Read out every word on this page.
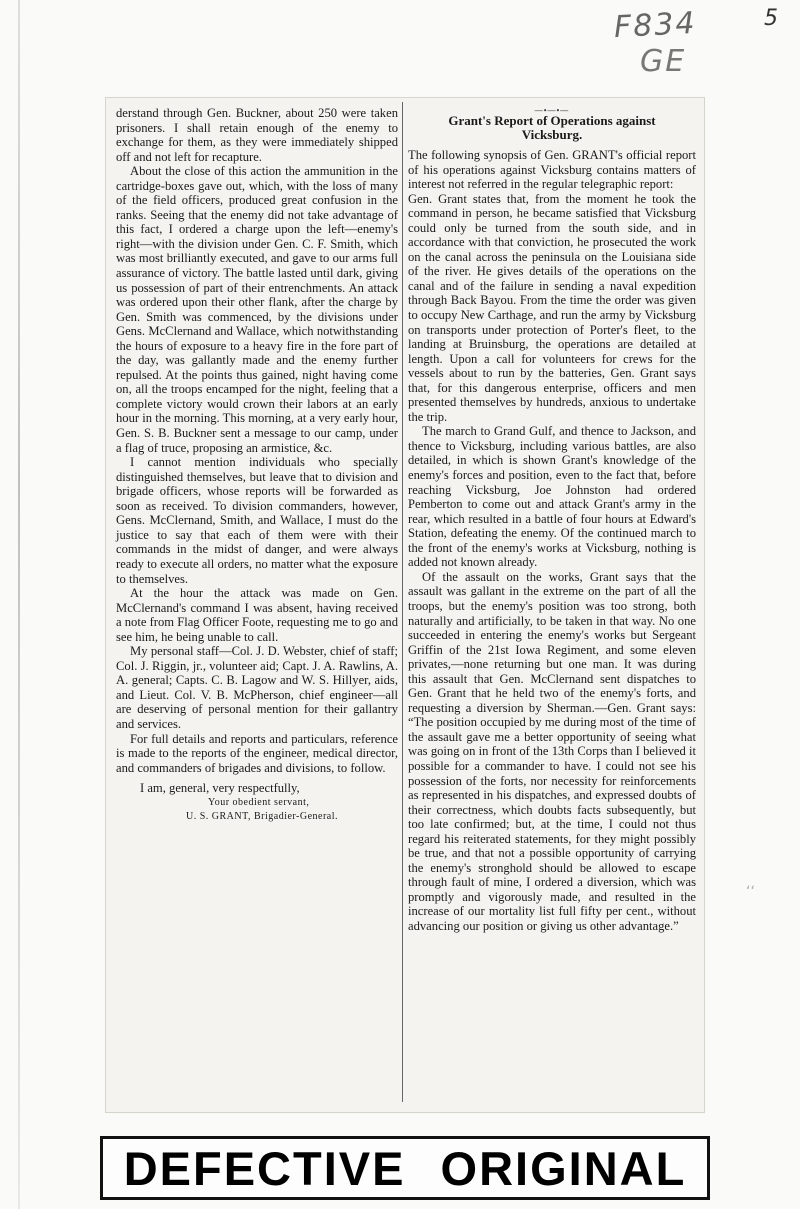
F834
GE
5
‘‘

derstand through Gen. Buckner, about 250 were taken prisoners. I shall retain enough of the enemy to exchange for them, as they were immediately shipped off and not left for recapture.

About the close of this action the ammunition in the cartridge-boxes gave out, which, with the loss of many of the field officers, produced great confusion in the ranks. Seeing that the enemy did not take advantage of this fact, I ordered a charge upon the left—enemy's right—with the division under Gen. C. F. Smith, which was most brilliantly executed, and gave to our arms full assurance of victory. The battle lasted until dark, giving us possession of part of their entrenchments. An attack was ordered upon their other flank, after the charge by Gen. Smith was commenced, by the divisions under Gens. McClernand and Wallace, which notwithstanding the hours of exposure to a heavy fire in the fore part of the day, was gallantly made and the enemy further repulsed. At the points thus gained, night having come on, all the troops encamped for the night, feeling that a complete victory would crown their labors at an early hour in the morning. This morning, at a very early hour, Gen. S. B. Buckner sent a message to our camp, under a flag of truce, proposing an armistice, &c.

I cannot mention individuals who specially distinguished themselves, but leave that to division and brigade officers, whose reports will be forwarded as soon as received. To division commanders, however, Gens. McClernand, Smith, and Wallace, I must do the justice to say that each of them were with their commands in the midst of danger, and were always ready to execute all orders, no matter what the exposure to themselves.

At the hour the attack was made on Gen. McClernand's command I was absent, having received a note from Flag Officer Foote, requesting me to go and see him, he being unable to call.

My personal staff—Col. J. D. Webster, chief of staff; Col. J. Riggin, jr., volunteer aid; Capt. J. A. Rawlins, A. A. general; Capts. C. B. Lagow and W. S. Hillyer, aids, and Lieut. Col. V. B. McPherson, chief engineer—all are deserving of personal mention for their gallantry and services.

For full details and reports and particulars, reference is made to the reports of the engineer, medical director, and commanders of brigades and divisions, to follow.

I am, general, very respectfully,

Your obedient servant,

U. S. GRANT, Brigadier-General.

—•—•—
Grant's Report of Operations against
Vicksburg.

The following synopsis of Gen. GRANT's official report of his operations against Vicksburg contains matters of interest not referred in the regular telegraphic report:

Gen. Grant states that, from the moment he took the command in person, he became satisfied that Vicksburg could only be turned from the south side, and in accordance with that conviction, he prosecuted the work on the canal across the peninsula on the Louisiana side of the river. He gives details of the operations on the canal and of the failure in sending a naval expedition through Back Bayou. From the time the order was given to occupy New Carthage, and run the army by Vicksburg on transports under protection of Porter's fleet, to the landing at Bruinsburg, the operations are detailed at length. Upon a call for volunteers for crews for the vessels about to run by the batteries, Gen. Grant says that, for this dangerous enterprise, officers and men presented themselves by hundreds, anxious to undertake the trip.

The march to Grand Gulf, and thence to Jackson, and thence to Vicksburg, including various battles, are also detailed, in which is shown Grant's knowledge of the enemy's forces and position, even to the fact that, before reaching Vicksburg, Joe Johnston had ordered Pemberton to come out and attack Grant's army in the rear, which resulted in a battle of four hours at Edward's Station, defeating the enemy. Of the continued march to the front of the enemy's works at Vicksburg, nothing is added not known already.

Of the assault on the works, Grant says that the assault was gallant in the extreme on the part of all the troops, but the enemy's position was too strong, both naturally and artificially, to be taken in that way. No one succeeded in entering the enemy's works but Sergeant Griffin of the 21st Iowa Regiment, and some eleven privates,—none returning but one man. It was during this assault that Gen. McClernand sent dispatches to Gen. Grant that he held two of the enemy's forts, and requesting a diversion by Sherman.—Gen. Grant says: “The position occupied by me during most of the time of the assault gave me a better opportunity of seeing what was going on in front of the 13th Corps than I believed it possible for a commander to have. I could not see his possession of the forts, nor necessity for reinforcements as represented in his dispatches, and expressed doubts of their correctness, which doubts facts subsequently, but too late confirmed; but, at the time, I could not thus regard his reiterated statements, for they might possibly be true, and that not a possible opportunity of carrying the enemy's stronghold should be allowed to escape through fault of mine, I ordered a diversion, which was promptly and vigorously made, and resulted in the increase of our mortality list full fifty per cent., without advancing our position or giving us other advantage.”

DEFECTIVE ORIGINAL
